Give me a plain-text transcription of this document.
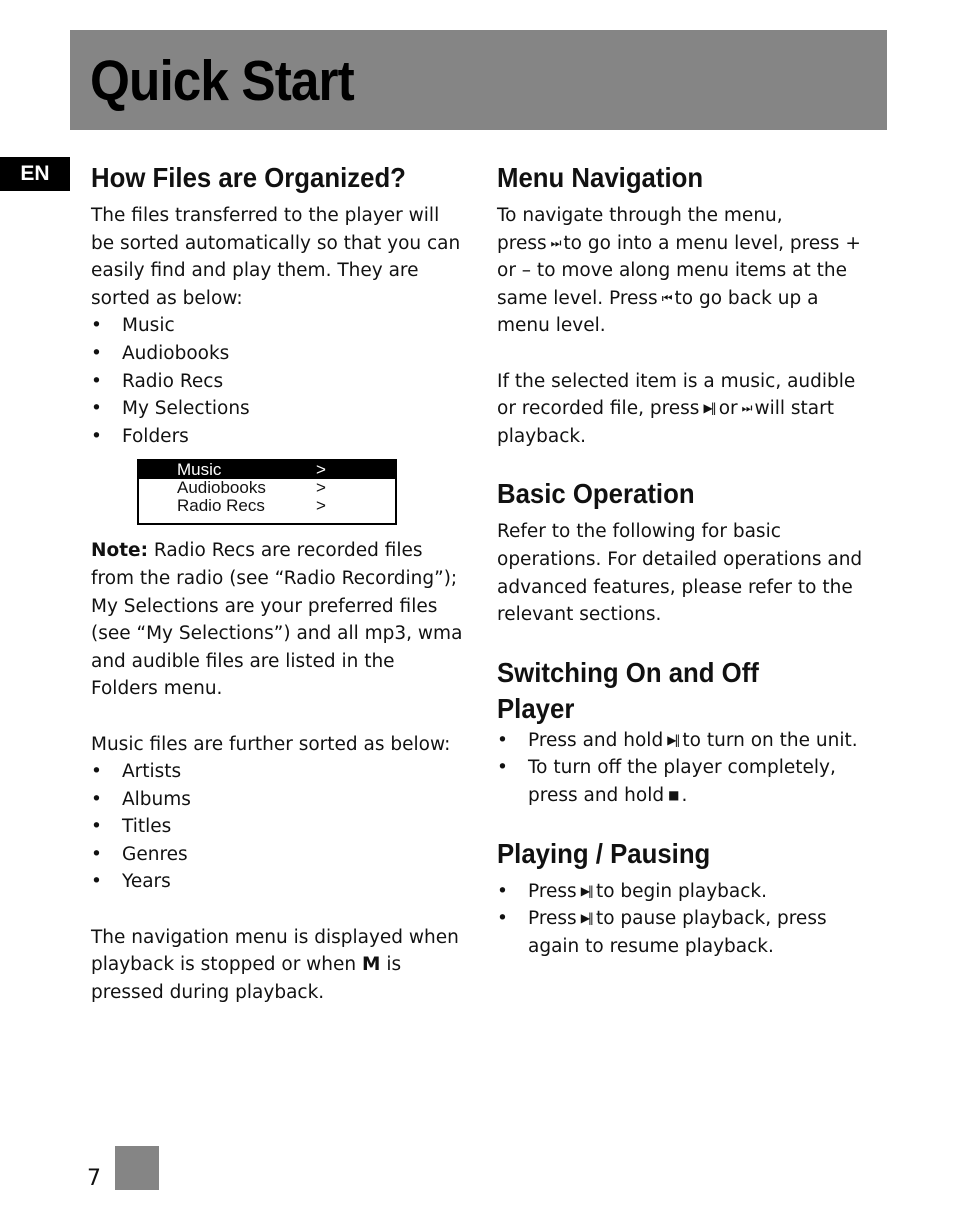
Quick Start
EN	How Files are Organized?

The files transferred to the player will be sorted automatically so that you can easily find and play them. They are sorted as below:

• Music
• Audiobooks
• Radio Recs
• My Selections
• Folders
Music	>
Audiobooks	>
Radio Recs	>

Note: Radio Recs are recorded files from the radio (see “Radio Recording”); My Selections are your preferred files (see “My Selections”) and all mp3, wma and audible files are listed in the Folders menu.

Music files are further sorted as below:

• Artists
• Albums
• Titles
• Genres
• Years

The navigation menu is displayed when playback is stopped or when M is pressed during playback.

Menu Navigation

To navigate through the menu, press ⏭ to go into a menu level, press + or – to move along menu items at the same level. Press ⏮ to go back up a menu level.

If the selected item is a music, audible or recorded file, press ▶‖ or ⏭ will start playback.

Basic Operation

Refer to the following for basic operations. For detailed operations and advanced features, please refer to the relevant sections.

Switching On and Off Player
• Press and hold ▶‖ to turn on the unit.
• To turn off the player completely, press and hold ■ .
Playing / Pausing
• Press ▶‖ to begin playback.
• Press ▶‖ to pause playback, press again to resume playback.
7
